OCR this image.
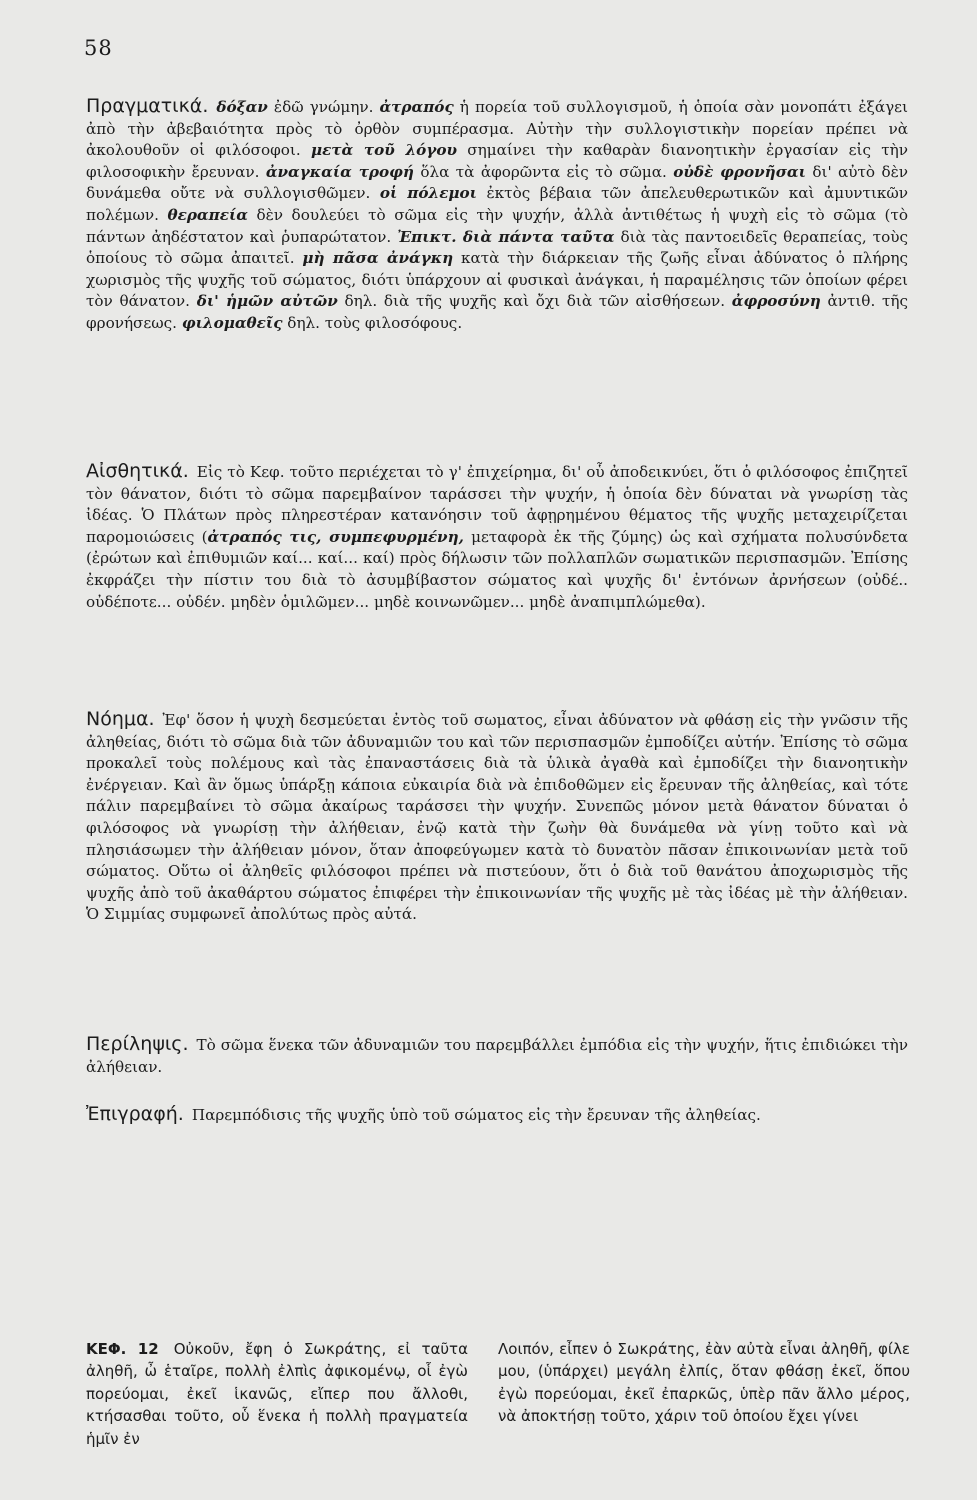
58
Πραγματικά. δόξαν ἐδῶ γνώμην. ἀτραπός ἡ πορεία τοῦ συλλογισμοῦ, ἡ ὁποία σὰν μονοπάτι ἐξάγει ἀπὸ τὴν ἀβεβαιότητα πρὸς τὸ ὀρθὸν συμπέρασμα. Αὐτὴν τὴν συλλογιστικὴν πορείαν πρέπει νὰ ἀκολουθοῦν οἱ φιλόσοφοι. μετὰ τοῦ λόγου σημαίνει τὴν καθαρὰν διανοητικὴν ἐργασίαν εἰς τὴν φιλοσοφικὴν ἔρευναν. ἀναγκαία τροφή ὅλα τὰ ἀφορῶντα εἰς τὸ σῶμα. οὐδὲ φρονῆσαι δι' αὐτὸ δὲν δυνάμεθα οὔτε νὰ συλλογισθῶμεν. οἱ πόλεμοι ἐκτὸς βέβαια τῶν ἀπελευθερωτικῶν καὶ ἀμυντικῶν πολέμων. θεραπεία δὲν δουλεύει τὸ σῶμα εἰς τὴν ψυχήν, ἀλλὰ ἀντιθέτως ἡ ψυχὴ εἰς τὸ σῶμα (τὸ πάντων ἀηδέστατον καὶ ῥυπαρώτατον. Ἐπικτ. διὰ πάντα ταῦτα διὰ τὰς παντοειδεῖς θεραπείας, τοὺς ὁποίους τὸ σῶμα ἀπαιτεῖ. μὴ πᾶσα ἀνάγκη κατὰ τὴν διάρκειαν τῆς ζωῆς εἶναι ἀδύνατος ὁ πλήρης χωρισμὸς τῆς ψυχῆς τοῦ σώματος, διότι ὑπάρχουν αἱ φυσικαὶ ἀνάγκαι, ἡ παραμέλησις τῶν ὁποίων φέρει τὸν θάνατον. δι' ἡμῶν αὐτῶν δηλ. διὰ τῆς ψυχῆς καὶ ὄχι διὰ τῶν αἰσθήσεων. ἀφροσύνη ἀντιθ. τῆς φρονήσεως. φιλομαθεῖς δηλ. τοὺς φιλοσόφους.
Αἰσθητικά. Εἰς τὸ Κεφ. τοῦτο περιέχεται τὸ γ' ἐπιχείρημα, δι' οὗ ἀποδεικνύει, ὅτι ὁ φιλόσοφος ἐπιζητεῖ τὸν θάνατον, διότι τὸ σῶμα παρεμβαίνον ταράσσει τὴν ψυχήν, ἡ ὁποία δὲν δύναται νὰ γνωρίσῃ τὰς ἰδέας. Ὁ Πλάτων πρὸς πληρεστέραν κατανόησιν τοῦ ἀφῃρημένου θέματος τῆς ψυχῆς μεταχειρίζεται παρομοιώσεις (ἀτραπός τις, συμπεφυρμένη, μεταφορὰ ἐκ τῆς ζύμης) ὡς καὶ σχήματα πολυσύνδετα (ἐρώτων καὶ ἐπιθυμιῶν καί... καί... καί) πρὸς δήλωσιν τῶν πολλαπλῶν σωματικῶν περισπασμῶν. Ἐπίσης ἐκφράζει τὴν πίστιν του διὰ τὸ ἀσυμβίβαστον σώματος καὶ ψυχῆς δι' ἐντόνων ἀρνήσεων (οὐδέ.. οὐδέποτε... οὐδέν. μηδὲν ὁμιλῶμεν... μηδὲ κοινωνῶμεν... μηδὲ ἀναπιμπλώμεθα).
Νόημα. Ἐφ' ὅσον ἡ ψυχὴ δεσμεύεται ἐντὸς τοῦ σωματος, εἶναι ἀδύνατον νὰ φθάσῃ εἰς τὴν γνῶσιν τῆς ἀληθείας, διότι τὸ σῶμα διὰ τῶν ἀδυναμιῶν του καὶ τῶν περισπασμῶν ἐμποδίζει αὐτήν. Ἐπίσης τὸ σῶμα προκαλεῖ τοὺς πολέμους καὶ τὰς ἐπαναστάσεις διὰ τὰ ὑλικὰ ἀγαθὰ καὶ ἐμποδίζει τὴν διανοητικὴν ἐνέργειαν. Καὶ ἂν ὅμως ὑπάρξῃ κάποια εὐκαιρία διὰ νὰ ἐπιδοθῶμεν εἰς ἔρευναν τῆς ἀληθείας, καὶ τότε πάλιν παρεμβαίνει τὸ σῶμα ἀκαίρως ταράσσει τὴν ψυχήν. Συνεπῶς μόνον μετὰ θάνατον δύναται ὁ φιλόσοφος νὰ γνωρίσῃ τὴν ἀλήθειαν, ἐνῷ κατὰ τὴν ζωὴν θὰ δυνάμεθα νὰ γίνῃ τοῦτο καὶ νὰ πλησιάσωμεν τὴν ἀλήθειαν μόνον, ὅταν ἀποφεύγωμεν κατὰ τὸ δυνατὸν πᾶσαν ἐπικοινωνίαν μετὰ τοῦ σώματος. Οὕτω οἱ ἀληθεῖς φιλόσοφοι πρέπει νὰ πιστεύουν, ὅτι ὁ διὰ τοῦ θανάτου ἀποχωρισμὸς τῆς ψυχῆς ἀπὸ τοῦ ἀκαθάρτου σώματος ἐπιφέρει τὴν ἐπικοινωνίαν τῆς ψυχῆς μὲ τὰς ἰδέας μὲ τὴν ἀλήθειαν. Ὁ Σιμμίας συμφωνεῖ ἀπολύτως πρὸς αὐτά.
Περίληψις. Τὸ σῶμα ἕνεκα τῶν ἀδυναμιῶν του παρεμβάλλει ἐμπόδια εἰς τὴν ψυχήν, ἥτις ἐπιδιώκει τὴν ἀλήθειαν.
Ἐπιγραφή. Παρεμπόδισις τῆς ψυχῆς ὑπὸ τοῦ σώματος εἰς τὴν ἔρευναν τῆς ἀληθείας.
ΚΕΦ. 12 Οὐκοῦν, ἔφη ὁ Σωκράτης, εἰ ταῦτα ἀληθῆ, ὦ ἑταῖρε, πολλὴ ἐλπὶς ἀφικομένῳ, οἷ ἐγὼ πορεύομαι, ἐκεῖ ἱκανῶς, εἴπερ που ἄλλοθι, κτήσασθαι τοῦτο, οὗ ἕνεκα ἡ πολλὴ πραγματεία ἡμῖν ἐν
Λοιπόν, εἶπεν ὁ Σωκράτης, ἐὰν αὐτὰ εἶναι ἀληθῆ, φίλε μου, (ὑπάρχει) μεγάλη ἐλπίς, ὅταν φθάσῃ ἐκεῖ, ὅπου ἐγὼ πορεύομαι, ἐκεῖ ἐπαρκῶς, ὑπὲρ πᾶν ἄλλο μέρος, νὰ ἀποκτήσῃ τοῦτο, χάριν τοῦ ὁποίου ἔχει γίνει
